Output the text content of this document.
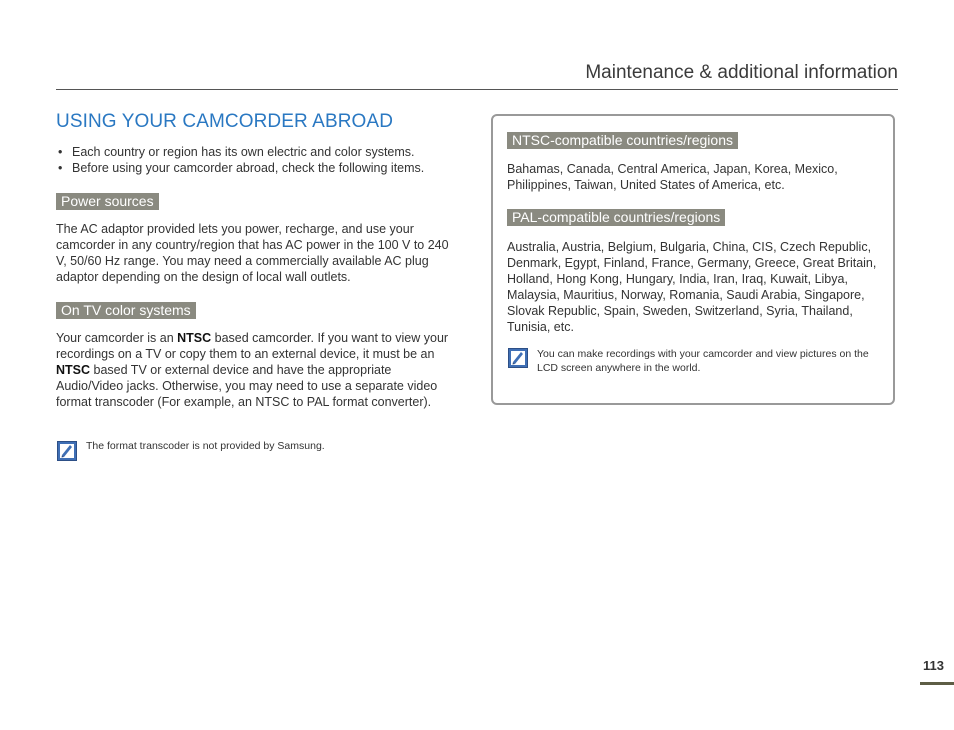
Maintenance & additional information
USING YOUR CAMCORDER ABROAD
• Each country or region has its own electric and color systems.
• Before using your camcorder abroad, check the following items.
Power sources

The AC adaptor provided lets you power, recharge, and use your camcorder in any country/region that has AC power in the 100 V to 240 V, 50/60 Hz range. You may need a commercially available AC plug adaptor depending on the design of local wall outlets.

On TV color systems

Your camcorder is an NTSC based camcorder. If you want to view your recordings on a TV or copy them to an external device, it must be an NTSC based TV or external device and have the appropriate Audio/Video jacks. Otherwise, you may need to use a separate video format transcoder (For example, an NTSC to PAL format converter).

The format transcoder is not provided by Samsung.
NTSC-compatible countries/regions

Bahamas, Canada, Central America, Japan, Korea, Mexico, Philippines, Taiwan, United States of America, etc.

PAL-compatible countries/regions

Australia, Austria, Belgium, Bulgaria, China, CIS, Czech Republic, Denmark, Egypt, Finland, France, Germany, Greece, Great Britain, Holland, Hong Kong, Hungary, India, Iran, Iraq, Kuwait, Libya, Malaysia, Mauritius, Norway, Romania, Saudi Arabia, Singapore, Slovak Republic, Spain, Sweden, Switzerland, Syria, Thailand, Tunisia, etc.

You can make recordings with your camcorder and view pictures on the LCD screen anywhere in the world.
113
